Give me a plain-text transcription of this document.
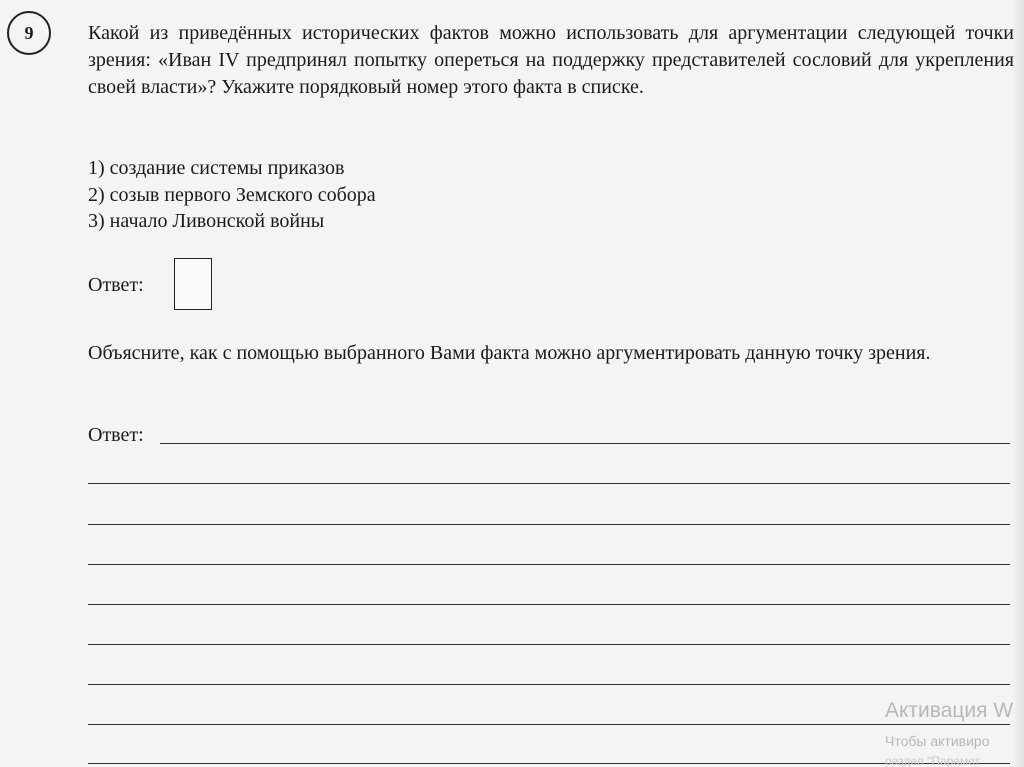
9	Какой из приведённых исторических фактов можно использовать для аргументации следующей точки зрения: «Иван IV предпринял попытку опереться на поддержку представителей сословий для укрепления своей власти»? Укажите порядковый номер этого факта в списке.

1) создание системы приказов
2) созыв первого Земского собора
3) начало Ливонской войны
Ответ:

Объясните, как с помощью выбранного Вами факта можно аргументировать данную точку зрения.

Ответ:
Активация W
Чтобы активиро
раздел "Парамет
